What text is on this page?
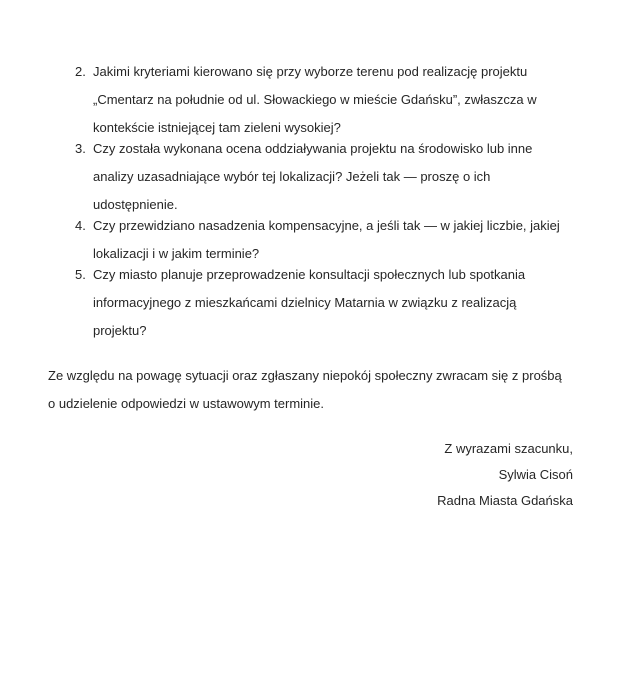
2. Jakimi kryteriami kierowano się przy wyborze terenu pod realizację projektu
„Cmentarz na południe od ul. Słowackiego w mieście Gdańsku”, zwłaszcza w
kontekście istniejącej tam zieleni wysokiej?
3. Czy została wykonana ocena oddziaływania projektu na środowisko lub inne
analizy uzasadniające wybór tej lokalizacji? Jeżeli tak — proszę o ich
udostępnienie.
4. Czy przewidziano nasadzenia kompensacyjne, a jeśli tak — w jakiej liczbie, jakiej
lokalizacji i w jakim terminie?
5. Czy miasto planuje przeprowadzenie konsultacji społecznych lub spotkania
informacyjnego z mieszkańcami dzielnicy Matarnia w związku z realizacją
projektu?
Ze względu na powagę sytuacji oraz zgłaszany niepokój społeczny zwracam się z prośbą
o udzielenie odpowiedzi w ustawowym terminie.
Z wyrazami szacunku,
Sylwia Cisoń
Radna Miasta Gdańska
